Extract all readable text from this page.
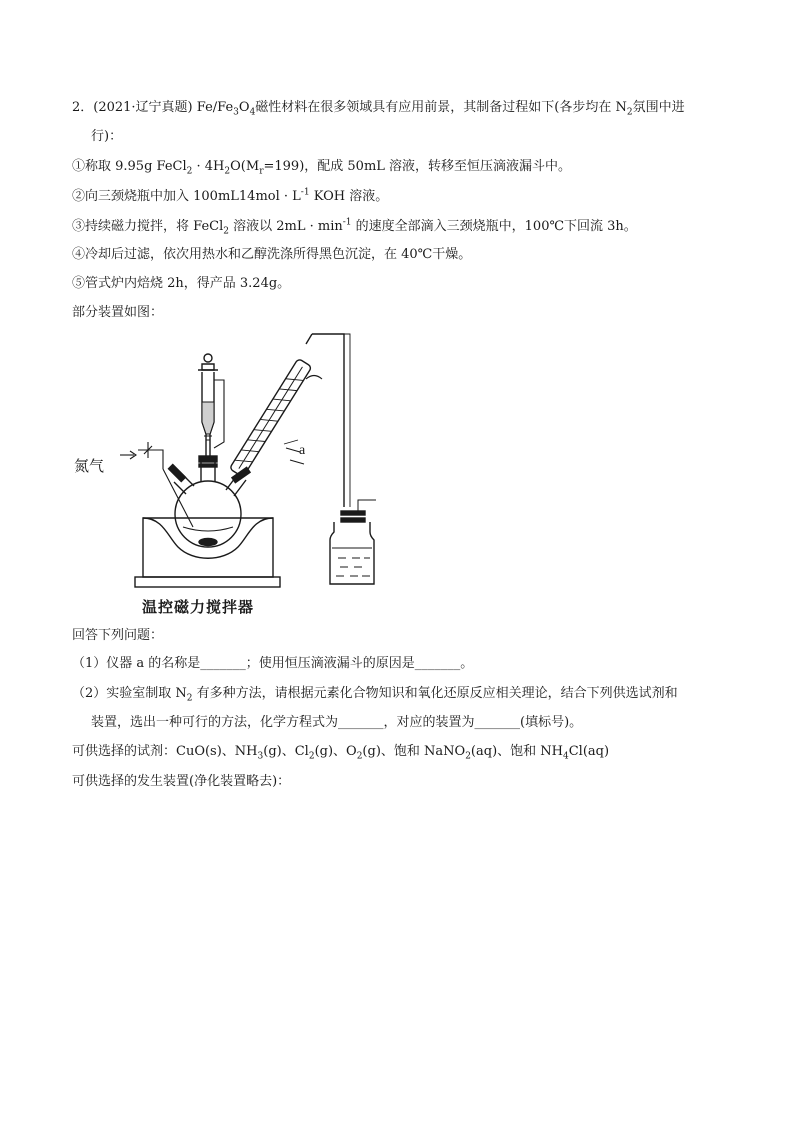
2．(2021·辽宁真题) $Fe/Fe_3O_4$磁性材料在很多领域具有应用前景，其制备过程如下(各步均在 $N_2$氛围中进
行)：
①称取 9.95g FeCl$_2$ · $4H_2O(M_r=199)$，配成 50mL 溶液，转移至恒压滴液漏斗中。
②向三颈烧瓶中加入 $100mL14mol \cdot L^{-1}$ KOH 溶液。
③持续磁力搅拌，将 FeCl$_2$ 溶液以 $2mL \cdot \min^{-1}$ 的速度全部滴入三颈烧瓶中，100℃下回流 3h。
④冷却后过滤，依次用热水和乙醇洗涤所得黑色沉淀，在 40℃干燥。
⑤管式炉内焙烧 2h，得产品 3.24g。
部分装置如图：
氮气
a
温控磁力搅拌器
回答下列问题：
（1）仪器 a 的名称是_______；使用恒压滴液漏斗的原因是_______。
（2）实验室制取 $N_2$ 有多种方法，请根据元素化合物知识和氧化还原反应相关理论，结合下列供选试剂和
装置，选出一种可行的方法，化学方程式为_______，对应的装置为_______(填标号)。
可供选择的试剂：CuO(s)、$NH_3(g)$、$Cl_2(g)$、$O_2(g)$、饱和 NaNO$_2$(aq)、饱和 $NH_4Cl(aq)$
可供选择的发生装置(净化装置略去)：
